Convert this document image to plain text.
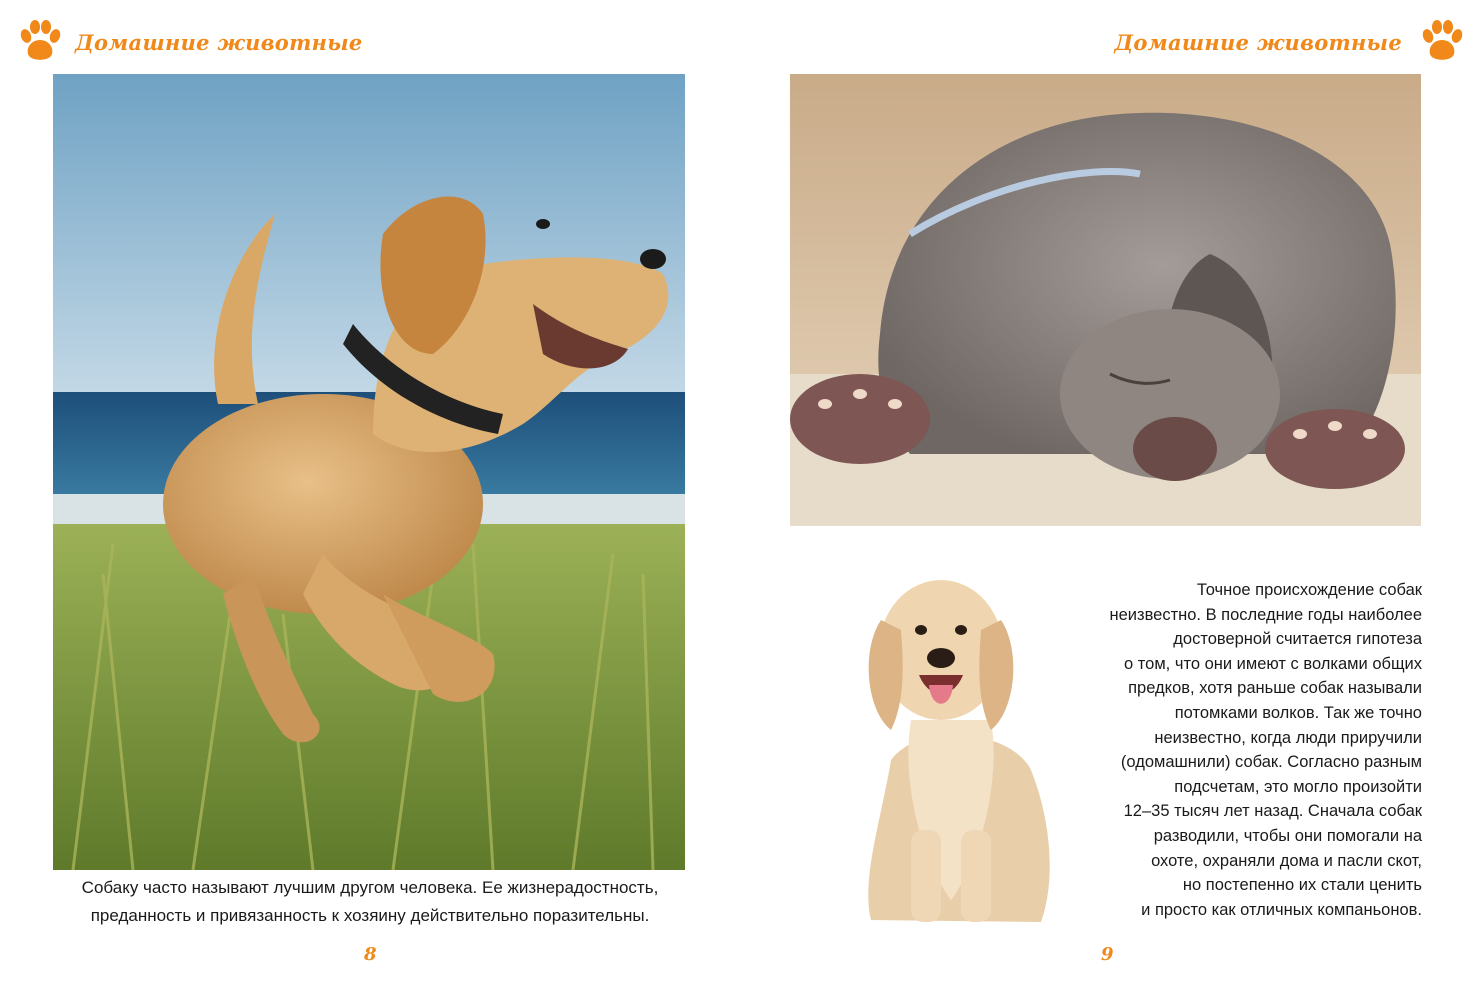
Домашние животные
Собаку часто называют лучшим другом человека. Ее жизнерадостность,
преданность и привязанность к хозяину действительно поразительны.
8
Домашние животные
Точное происхождение собак
неизвестно. В последние годы наиболее
достоверной считается гипотеза
о том, что они имеют с волками общих
предков, хотя раньше собак называли
потомками волков. Так же точно
неизвестно, когда люди приручили
(одомашнили) собак. Согласно разным
подсчетам, это могло произойти
12–35 тысяч лет назад. Сначала собак
разводили, чтобы они помогали на
охоте, охраняли дома и пасли скот,
но постепенно их стали ценить
и просто как отличных компаньонов.
9
